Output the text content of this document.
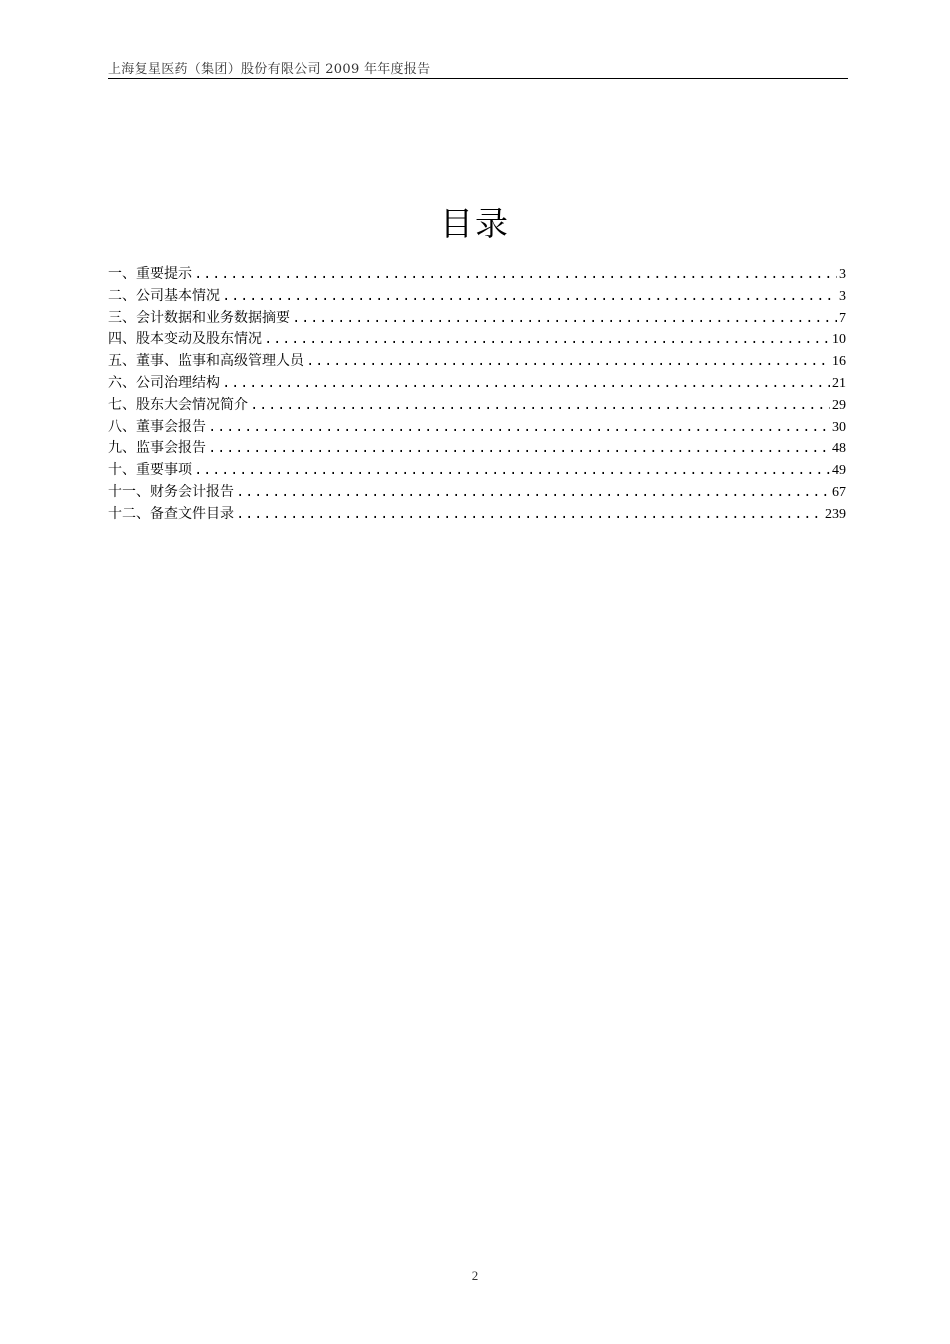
上海复星医药（集团）股份有限公司 2009 年年度报告
目录
一、重要提示 .....	3
二、公司基本情况 .....	3
三、会计数据和业务数据摘要 .....	7
四、股本变动及股东情况 .....	10
五、董事、监事和高级管理人员 .....	16
六、公司治理结构 .....	21
七、股东大会情况简介 .....	29
八、董事会报告 .....	30
九、监事会报告 .....	48
十、重要事项 .....	49
十一、财务会计报告 .....	67
十二、备查文件目录 .....	239
2
